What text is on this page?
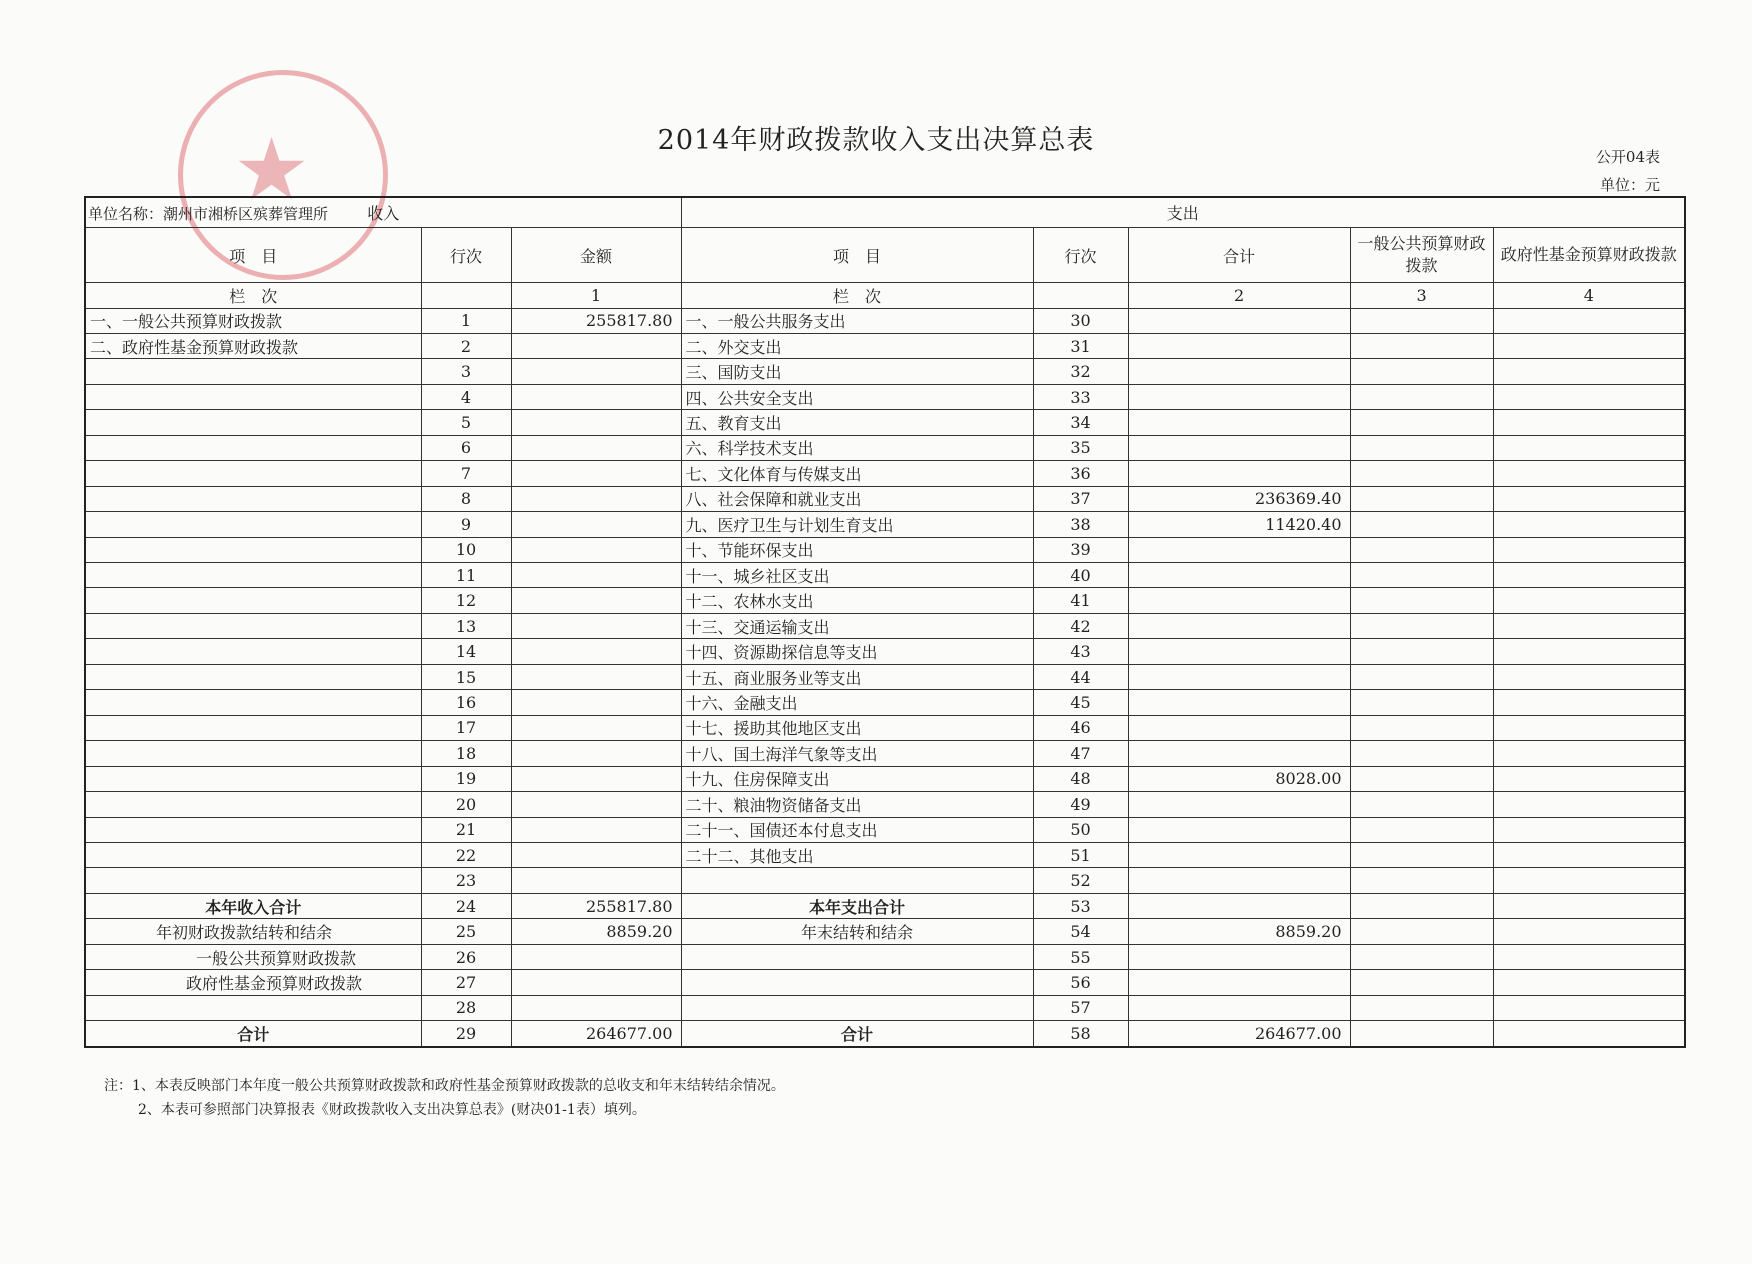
★	2014年财政拨款收入支出决算总表
公开04表
单位：元
单位名称：潮州市湘桥区殡葬管理所 收入			支出				
项　目	行次	金额	项　目	行次	合计	一般公共预算财政拨款	政府性基金预算财政拨款
栏　次		1	栏　次		2	3	4
一、一般公共预算财政拨款	1	255817.80	一、一般公共服务支出	30			
二、政府性基金预算财政拨款	2		二、外交支出	31			
	3		三、国防支出	32			
	4		四、公共安全支出	33			
	5		五、教育支出	34			
	6		六、科学技术支出	35			
	7		七、文化体育与传媒支出	36			
	8		八、社会保障和就业支出	37	236369.40		
	9		九、医疗卫生与计划生育支出	38	11420.40		
	10		十、节能环保支出	39			
	11		十一、城乡社区支出	40			
	12		十二、农林水支出	41			
	13		十三、交通运输支出	42			
	14		十四、资源勘探信息等支出	43			
	15		十五、商业服务业等支出	44			
	16		十六、金融支出	45			
	17		十七、援助其他地区支出	46			
	18		十八、国土海洋气象等支出	47			
	19		十九、住房保障支出	48	8028.00		
	20		二十、粮油物资储备支出	49			
	21		二十一、国债还本付息支出	50			
	22		二十二、其他支出	51			
	23			52			
本年收入合计	24	255817.80	本年支出合计	53			
年初财政拨款结转和结余	25	8859.20	年末结转和结余	54	8859.20		
一般公共预算财政拨款	26			55			
政府性基金预算财政拨款	27			56			
	28			57			
合计	29	264677.00	合计	58	264677.00		
注：1、本表反映部门本年度一般公共预算财政拨款和政府性基金预算财政拨款的总收支和年末结转结余情况。
2、本表可参照部门决算报表《财政拨款收入支出决算总表》(财决01-1表）填列。
